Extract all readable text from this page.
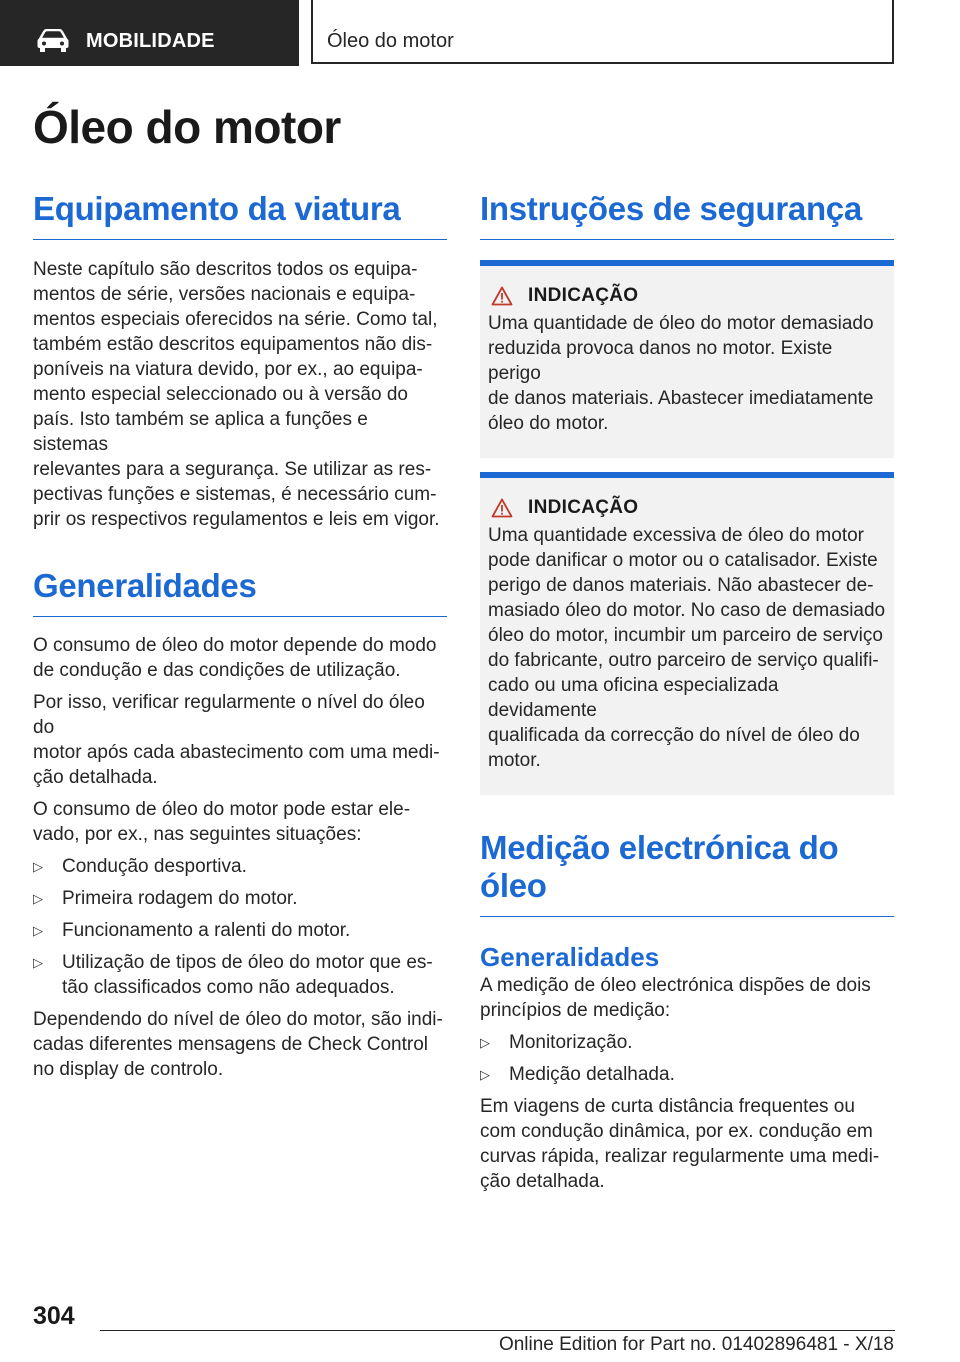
MOBILIDADE	Óleo do motor
Óleo do motor
Equipamento da viatura

Neste capítulo são descritos todos os equipa‐
mentos de série, versões nacionais e equipa‐
mentos especiais oferecidos na série. Como tal,
também estão descritos equipamentos não dis‐
poníveis na viatura devido, por ex., ao equipa‐
mento especial seleccionado ou à versão do
país. Isto também se aplica a funções e sistemas
relevantes para a segurança. Se utilizar as res‐
pectivas funções e sistemas, é necessário cum‐
prir os respectivos regulamentos e leis em vigor.

Generalidades

O consumo de óleo do motor depende do modo
de condução e das condições de utilização.

Por isso, verificar regularmente o nível do óleo do
motor após cada abastecimento com uma medi‐
ção detalhada.

O consumo de óleo do motor pode estar ele‐
vado, por ex., nas seguintes situações:

▷ Condução desportiva.
▷ Primeira rodagem do motor.
▷ Funcionamento a ralenti do motor.
▷ Utilização de tipos de óleo do motor que es‐
tão classificados como não adequados.

Dependendo do nível de óleo do motor, são indi‐
cadas diferentes mensagens de Check Control
no display de controlo.

Instruções de segurança
INDICAÇÃO

Uma quantidade de óleo do motor demasiado
reduzida provoca danos no motor. Existe perigo
de danos materiais. Abastecer imediatamente
óleo do motor.

INDICAÇÃO

Uma quantidade excessiva de óleo do motor
pode danificar o motor ou o catalisador. Existe
perigo de danos materiais. Não abastecer de‐
masiado óleo do motor. No caso de demasiado
óleo do motor, incumbir um parceiro de serviço
do fabricante, outro parceiro de serviço qualifi‐
cado ou uma oficina especializada devidamente
qualificada da correcção do nível de óleo do
motor.

Medição electrónica do
óleo
Generalidades

A medição de óleo electrónica dispões de dois
princípios de medição:

▷ Monitorização.
▷ Medição detalhada.

Em viagens de curta distância frequentes ou
com condução dinâmica, por ex. condução em
curvas rápida, realizar regularmente uma medi‐
ção detalhada.

304
Online Edition for Part no. 01402896481 - X/18
